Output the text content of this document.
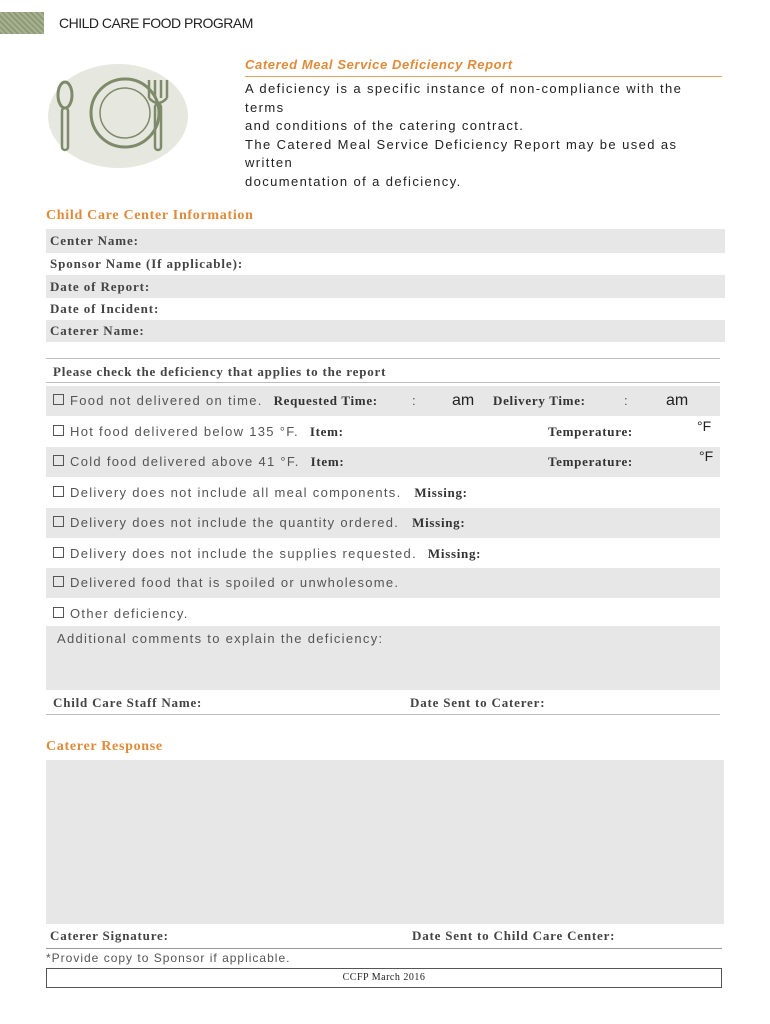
CHILD CARE FOOD PROGRAM
Catered Meal Service Deficiency Report
A deficiency is a specific instance of non-compliance with the terms
and conditions of the catering contract.
The Catered Meal Service Deficiency Report may be used as written
documentation of a deficiency.
Child Care Center Information
Center Name:
Sponsor Name (If applicable):
Date of Report:
Date of Incident:
Caterer Name:
Please check the deficiency that applies to the report
Food not delivered on time. Requested Time:	: am Delivery Time:	: am
Hot food delivered below 135 °F. Item:	Temperature:	°F
Cold food delivered above 41 °F. Item:	Temperature:	°F
Delivery does not include all meal components. Missing:
Delivery does not include the quantity ordered. Missing:
Delivery does not include the supplies requested. Missing:
Delivered food that is spoiled or unwholesome.
Other deficiency.
Additional comments to explain the deficiency:
Child Care Staff Name:	Date Sent to Caterer:
Caterer Response
Caterer Signature:	Date Sent to Child Care Center:
*Provide copy to Sponsor if applicable.
CCFP March 2016
